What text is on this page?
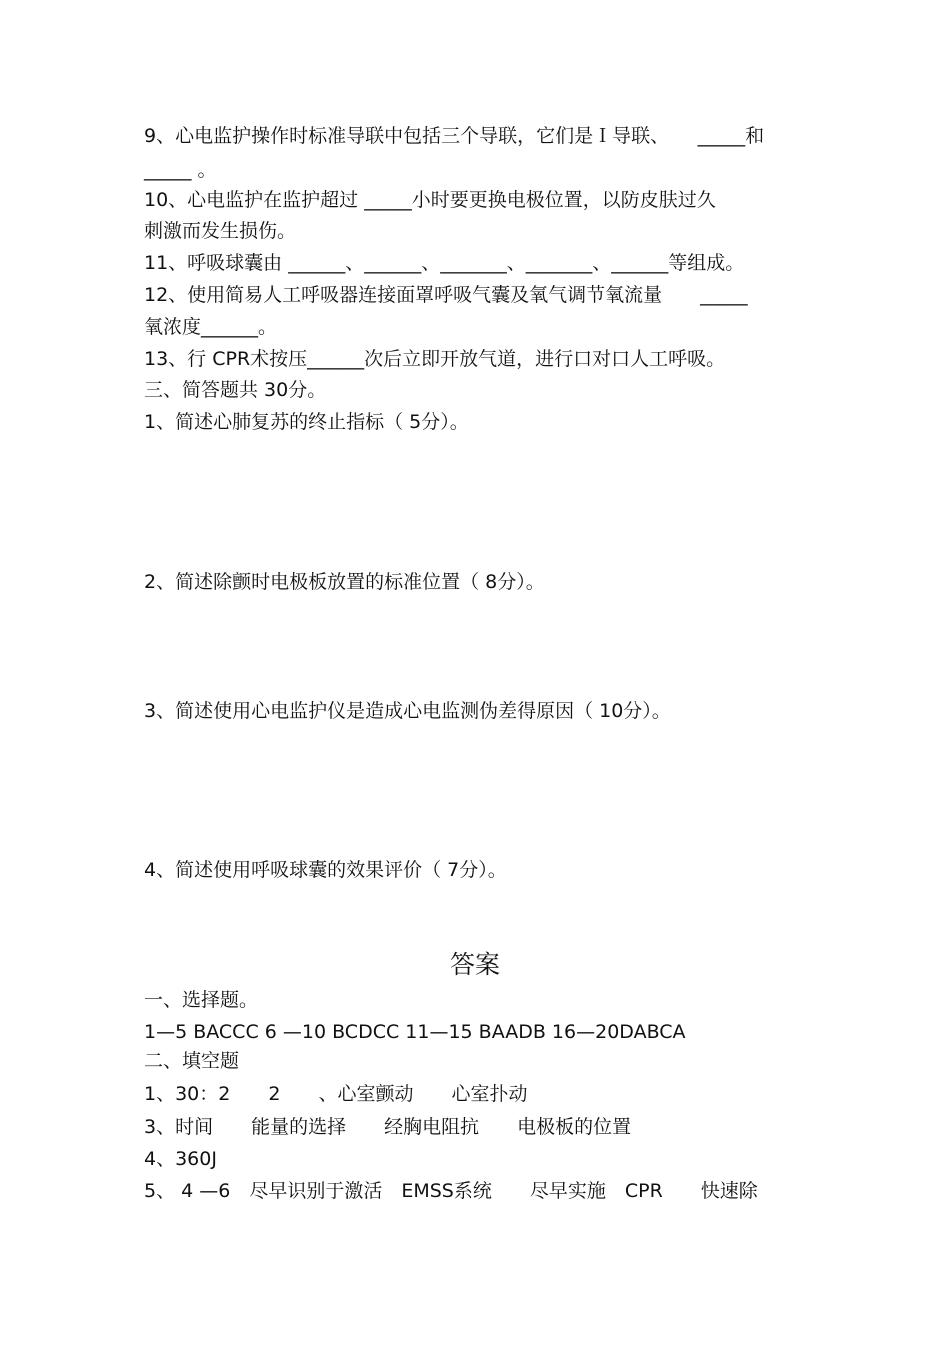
9、心电监护操作时标准导联中包括三个导联，它们是Ｉ导联、　　_____和
_____ 。
10、心电监护在监护超过 _____小时要更换电极位置，以防皮肤过久
刺激而发生损伤。
11、呼吸球囊由 ______、______、_______、_______、______等组成。
12、使用简易人工呼吸器连接面罩呼吸气囊及氧气调节氧流量　　_____
氧浓度______。
13、行 CPR术按压______次后立即开放气道，进行口对口人工呼吸。
三、简答题共 30分。
1、简述心肺复苏的终止指标（ 5分）。
2、简述除颤时电极板放置的标准位置（ 8分）。
3、简述使用心电监护仪是造成心电监测伪差得原因（ 10分）。
4、简述使用呼吸球囊的效果评价（ 7分）。
答案
一、选择题。
1—5 BACCC 6 —10 BCDCC 11—15 BAADB 16—20DABCA
二、填空题
1、30：2　　2　　、心室颤动　　心室扑动
3、时间　　能量的选择　　经胸电阻抗　　电极板的位置
4、360J
5、 4 —6　尽早识别于激活　EMSS系统　　尽早实施　CPR　　快速除
